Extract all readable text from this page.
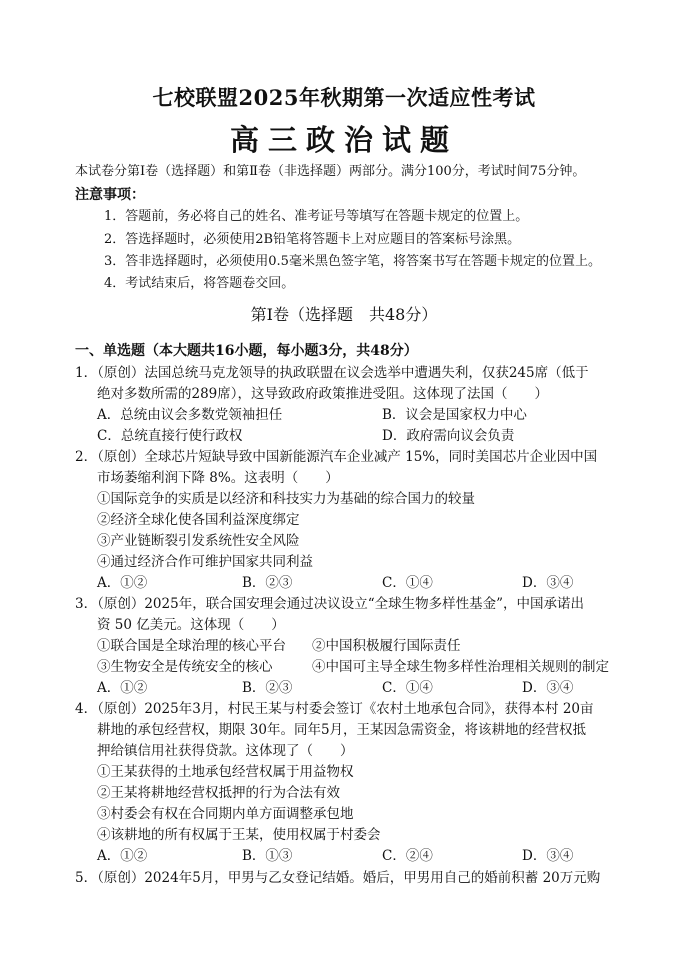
七校联盟2025年秋期第一次适应性考试
高三政治试题
本试卷分第Ⅰ卷（选择题）和第Ⅱ卷（非选择题）两部分。满分100分，考试时间75分钟。
注意事项：
1．答题前，务必将自己的姓名、准考证号等填写在答题卡规定的位置上。
2．答选择题时，必须使用2B铅笔将答题卡上对应题目的答案标号涂黑。
3．答非选择题时，必须使用0.5毫米黑色签字笔，将答案书写在答题卡规定的位置上。
4．考试结束后，将答题卷交回。
第Ⅰ卷（选择题　共48分）
一、单选题（本大题共16小题，每小题3分，共48分）
1．（原创）法国总统马克龙领导的执政联盟在议会选举中遭遇失利，仅获245席（低于
绝对多数所需的289席），这导致政府政策推进受阻。这体现了法国（　　）
A．总统由议会多数党领袖担任	B．议会是国家权力中心
C．总统直接行使行政权	D．政府需向议会负责
2．（原创）全球芯片短缺导致中国新能源汽车企业减产 15%，同时美国芯片企业因中国
市场萎缩利润下降 8%。这表明（　　）
①国际竞争的实质是以经济和科技实力为基础的综合国力的较量
②经济全球化使各国利益深度绑定
③产业链断裂引发系统性安全风险
④通过经济合作可维护国家共同利益
A．①②	B．②③	C．①④	D．③④
3．（原创）2025年，联合国安理会通过决议设立“全球生物多样性基金”，中国承诺出
资 50 亿美元。这体现（　　）
①联合国是全球治理的核心平台 ②中国积极履行国际责任
③生物安全是传统安全的核心	④中国可主导全球生物多样性治理相关规则的制定
A．①②	B．②③	C．①④	D．③④
4．（原创）2025年3月，村民王某与村委会签订《农村土地承包合同》，获得本村 20亩
耕地的承包经营权，期限 30年。同年5月，王某因急需资金，将该耕地的经营权抵
押给镇信用社获得贷款。这体现了（　　）
①王某获得的土地承包经营权属于用益物权
②王某将耕地经营权抵押的行为合法有效
③村委会有权在合同期内单方面调整承包地
④该耕地的所有权属于王某，使用权属于村委会
A．①②	B．①③	C．②④	D．③④
5．（原创）2024年5月，甲男与乙女登记结婚。婚后，甲男用自己的婚前积蓄 20万元购
